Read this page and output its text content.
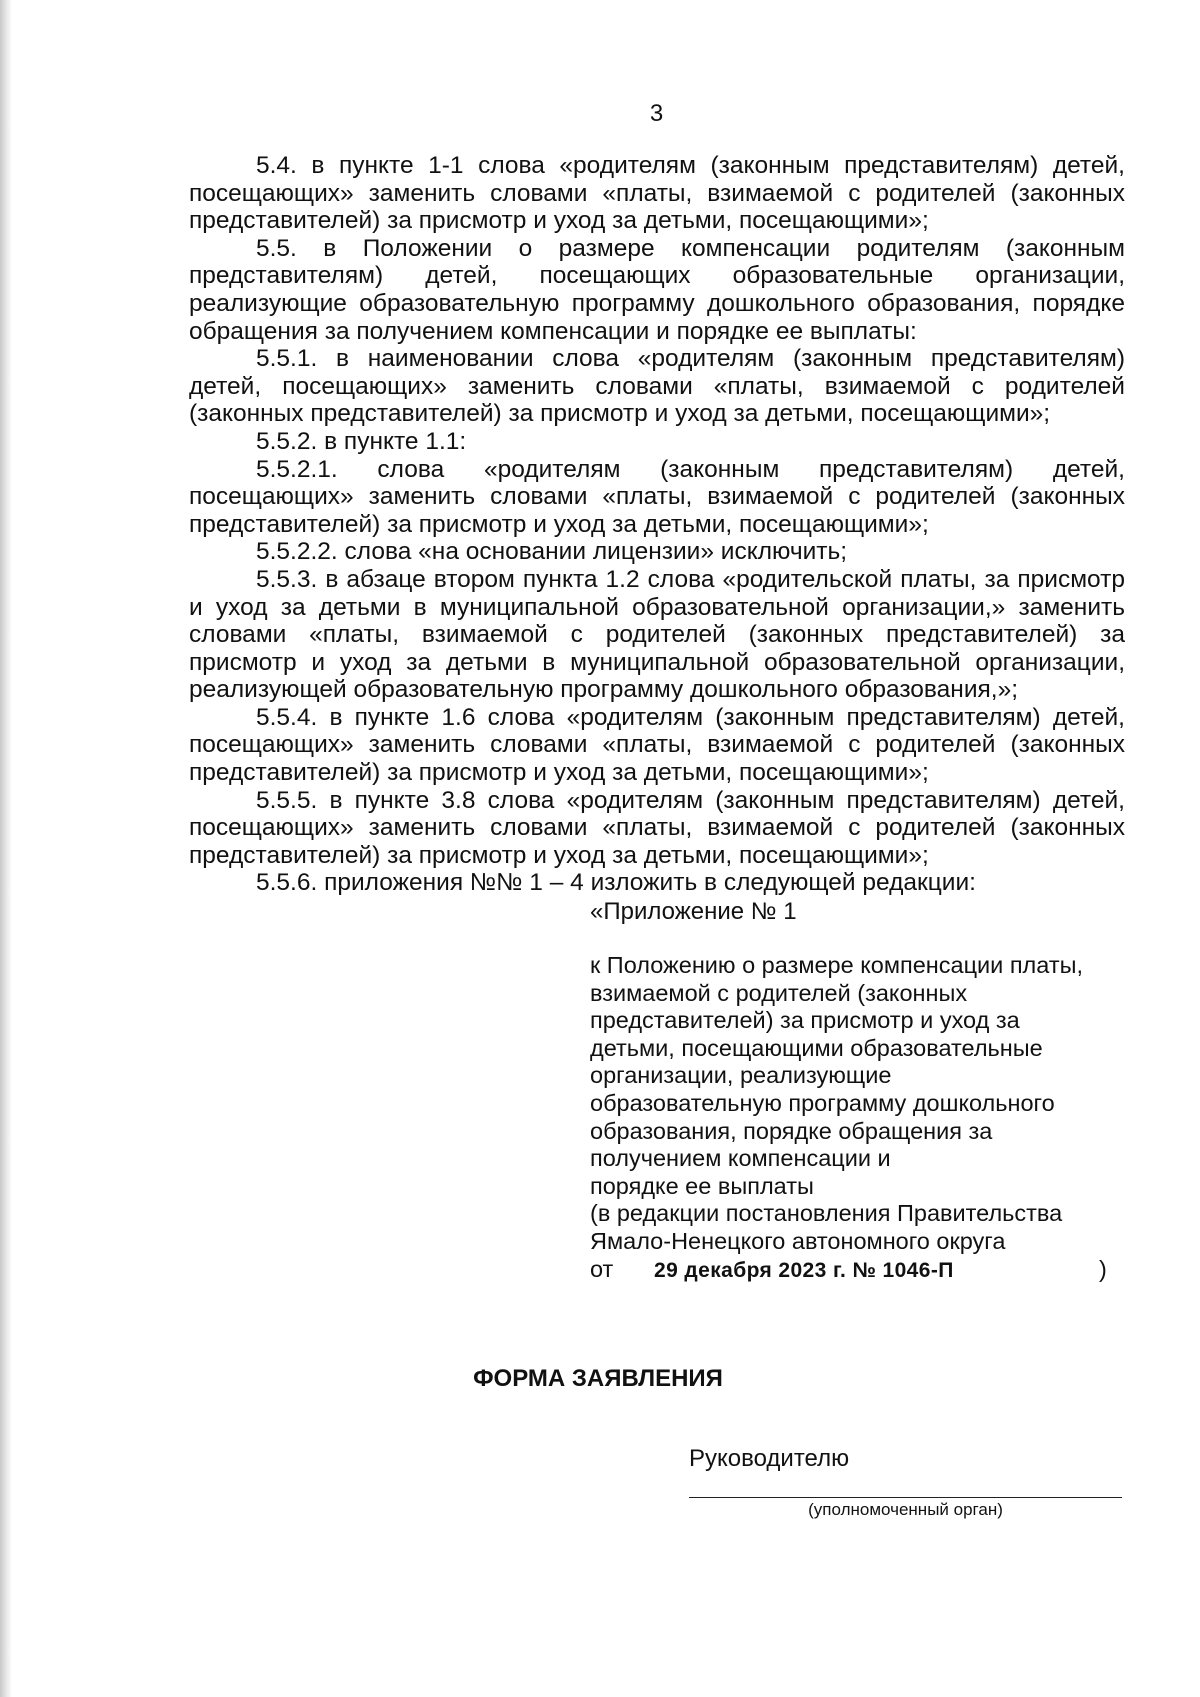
3

5.4. в пункте 1-1 слова «родителям (законным представителям) детей, посещающих» заменить словами «платы, взимаемой с родителей (законных представителей) за присмотр и уход за детьми, посещающими»;

5.5. в Положении о размере компенсации родителям (законным представителям) детей, посещающих образовательные организации, реализующие образовательную программу дошкольного образования, порядке обращения за получением компенсации и порядке ее выплаты:

5.5.1. в наименовании слова «родителям (законным представителям) детей, посещающих» заменить словами «платы, взимаемой с родителей (законных представителей) за присмотр и уход за детьми, посещающими»;

5.5.2. в пункте 1.1:

5.5.2.1. слова «родителям (законным представителям) детей, посещающих» заменить словами «платы, взимаемой с родителей (законных представителей) за присмотр и уход за детьми, посещающими»;

5.5.2.2. слова «на основании лицензии» исключить;

5.5.3. в абзаце втором пункта 1.2 слова «родительской платы, за присмотр и уход за детьми в муниципальной образовательной организации,» заменить словами «платы, взимаемой с родителей (законных представителей) за присмотр и уход за детьми в муниципальной образовательной организации, реализующей образовательную программу дошкольного образования,»;

5.5.4. в пункте 1.6 слова «родителям (законным представителям) детей, посещающих» заменить словами «платы, взимаемой с родителей (законных представителей) за присмотр и уход за детьми, посещающими»;

5.5.5. в пункте 3.8 слова «родителям (законным представителям) детей, посещающих» заменить словами «платы, взимаемой с родителей (законных представителей) за присмотр и уход за детьми, посещающими»;

5.5.6. приложения №№ 1 – 4 изложить в следующей редакции:

«Приложение № 1
к Положению о размере компенсации платы,
взимаемой с родителей (законных
представителей) за присмотр и уход за
детьми, посещающими образовательные
организации, реализующие
образовательную программу дошкольного
образования, порядке обращения за
получением компенсации и
порядке ее выплаты
(в редакции постановления Правительства
Ямало-Ненецкого автономного округа
от 29 декабря 2023 г. № 1046-П	)
ФОРМА ЗАЯВЛЕНИЯ
Руководителю
(уполномоченный орган)
